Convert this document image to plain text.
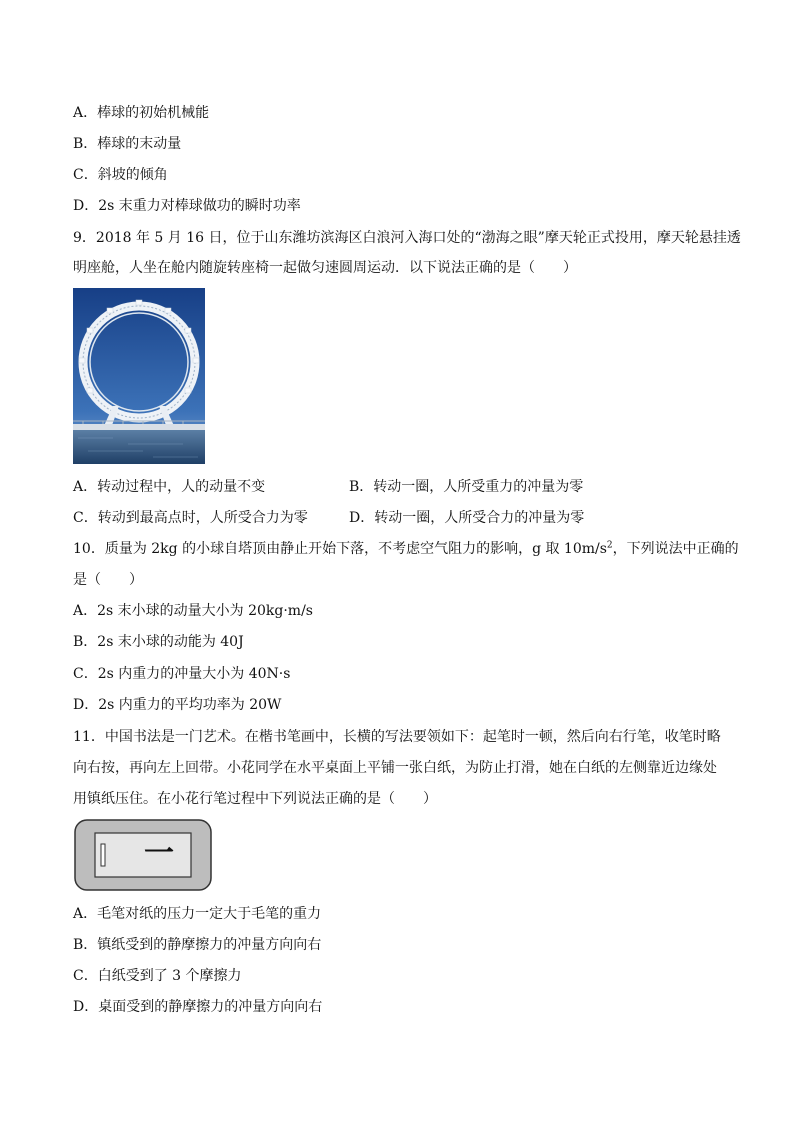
A．棒球的初始机械能
B．棒球的末动量
C．斜坡的倾角
D．2s 末重力对棒球做功的瞬时功率
9．2018 年 5 月 16 日，位于山东潍坊滨海区白浪河入海口处的“渤海之眼”摩天轮正式投用，摩天轮悬挂透
明座舱，人坐在舱内随旋转座椅一起做匀速圆周运动．以下说法正确的是（　　）
A．转动过程中，人的动量不变	B．转动一圈，人所受重力的冲量为零
C．转动到最高点时，人所受合力为零	D．转动一圈，人所受合力的冲量为零
10．质量为 2kg 的小球自塔顶由静止开始下落，不考虑空气阻力的影响，g 取 $10m/s^2$，下列说法中正确的
是（　　）
A．2s 末小球的动量大小为 20kg·m/s
B．2s 末小球的动能为 40J
C．2s 内重力的冲量大小为 40N·s
D．2s 内重力的平均功率为 20W
11．中国书法是一门艺术。在楷书笔画中，长横的写法要领如下：起笔时一顿，然后向右行笔，收笔时略
向右按，再向左上回带。小花同学在水平桌面上平铺一张白纸，为防止打滑，她在白纸的左侧靠近边缘处
用镇纸压住。在小花行笔过程中下列说法正确的是（　　）
一
A．毛笔对纸的压力一定大于毛笔的重力
B．镇纸受到的静摩擦力的冲量方向向右
C．白纸受到了 3 个摩擦力
D．桌面受到的静摩擦力的冲量方向向右
